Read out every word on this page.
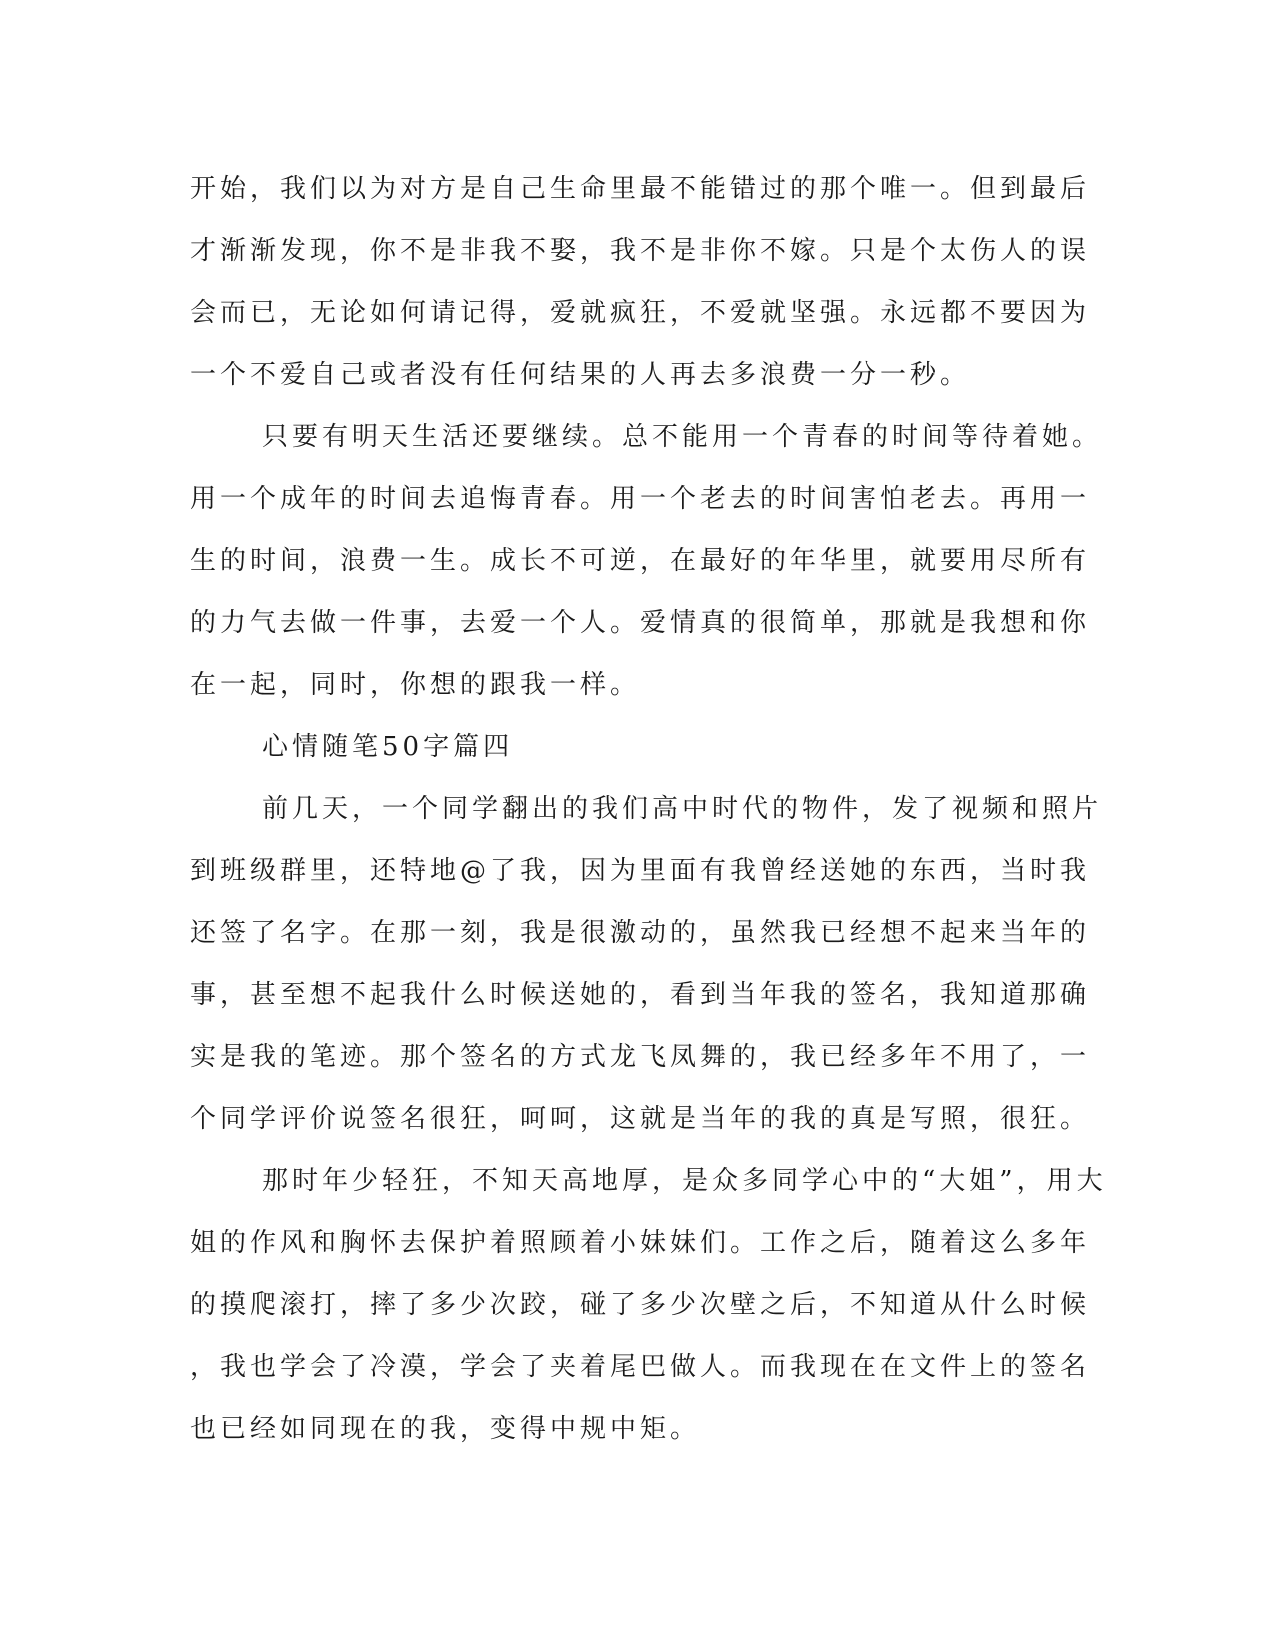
开始，我们以为对方是自己生命里最不能错过的那个唯一。但到最后
才渐渐发现，你不是非我不娶，我不是非你不嫁。只是个太伤人的误
会而已，无论如何请记得，爱就疯狂，不爱就坚强。永远都不要因为
一个不爱自己或者没有任何结果的人再去多浪费一分一秒。

只要有明天生活还要继续。总不能用一个青春的时间等待着她。
用一个成年的时间去追悔青春。用一个老去的时间害怕老去。再用一
生的时间，浪费一生。成长不可逆，在最好的年华里，就要用尽所有
的力气去做一件事，去爱一个人。爱情真的很简单，那就是我想和你
在一起，同时，你想的跟我一样。

心情随笔50字篇四

前几天，一个同学翻出的我们高中时代的物件，发了视频和照片
到班级群里，还特地@了我，因为里面有我曾经送她的东西，当时我
还签了名字。在那一刻，我是很激动的，虽然我已经想不起来当年的
事，甚至想不起我什么时候送她的，看到当年我的签名，我知道那确
实是我的笔迹。那个签名的方式龙飞凤舞的，我已经多年不用了，一
个同学评价说签名很狂，呵呵，这就是当年的我的真是写照，很狂。

那时年少轻狂，不知天高地厚，是众多同学心中的“大姐”，用大
姐的作风和胸怀去保护着照顾着小妹妹们。工作之后，随着这么多年
的摸爬滚打，摔了多少次跤，碰了多少次壁之后，不知道从什么时候
，我也学会了冷漠，学会了夹着尾巴做人。而我现在在文件上的签名
也已经如同现在的我，变得中规中矩。
